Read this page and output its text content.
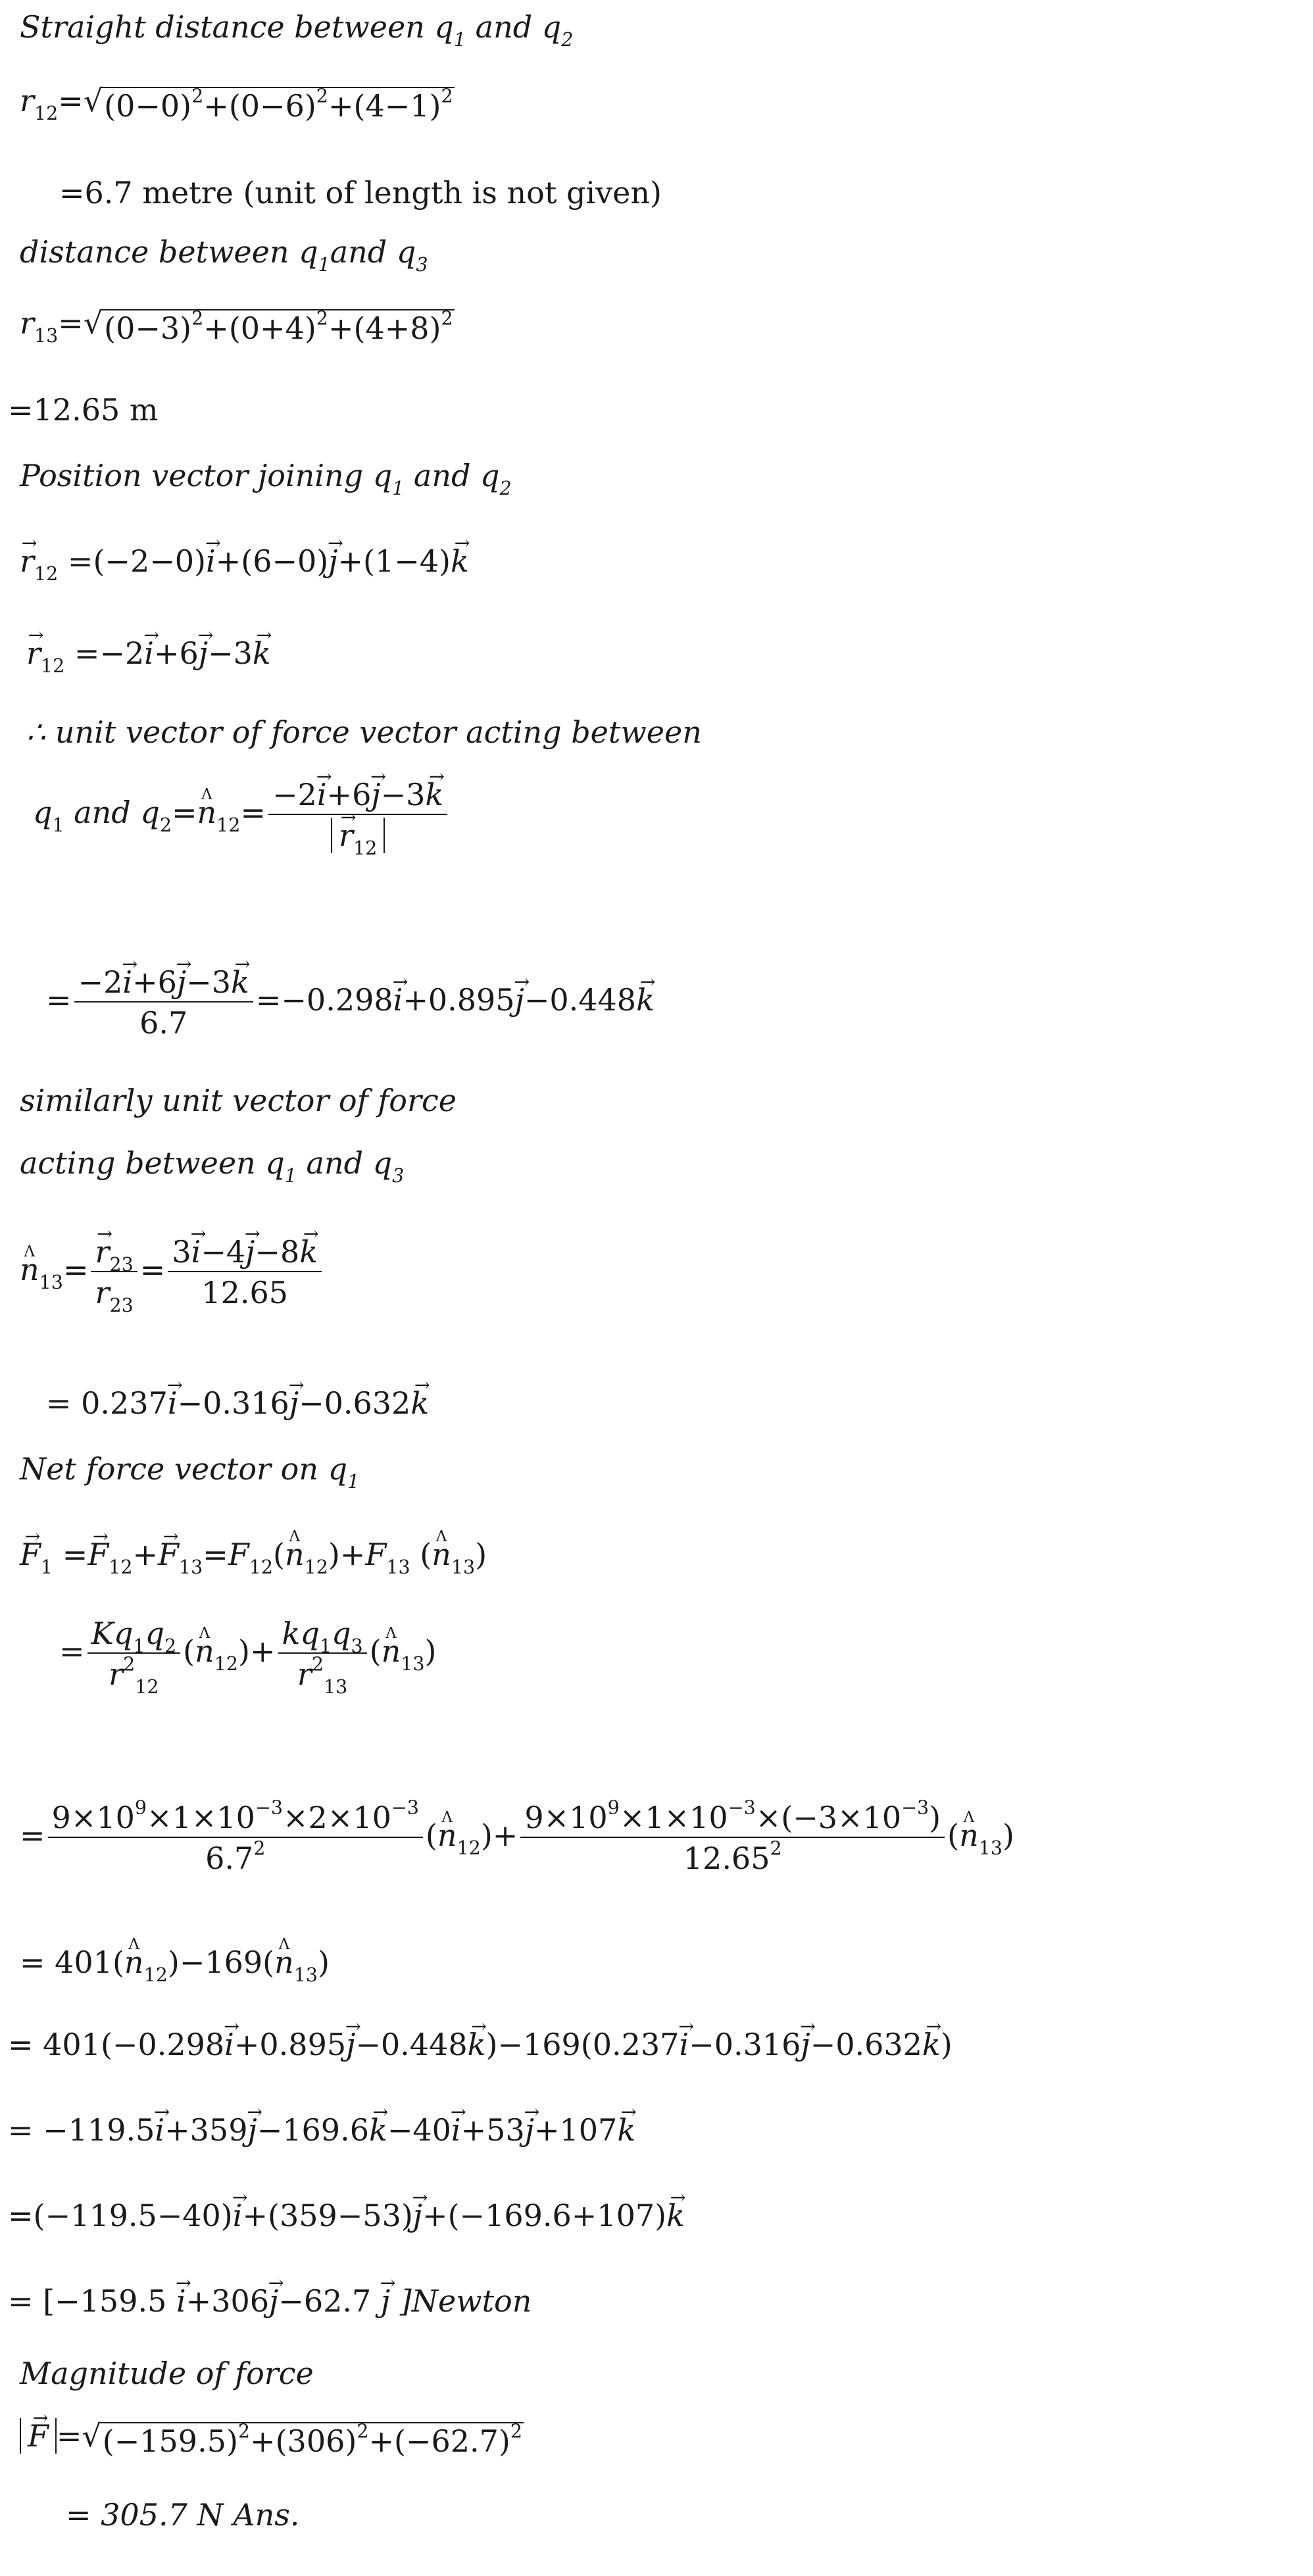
Straight distance between $q_1$ and $q_2$
$r_{12}=$ √ $(0-0)^2+(0-6)^2+(4-1)^2$
=6.7 metre (unit of length is not given)
distance between $q_1and$ $q_3$
$r_{13}=$ √ $(0-3)^2+(0+4)^2+(4+8)^2$
=12.65 m
Position vector joining $q_1$ and $q_2$
→ $r_{12} =(-2-0)\to i+(6-0)\to j+(1-4)\to k$
→ $r_{12} =-2\to i+6\to j-3\to k$
∴ unit vector of force vector acting between
$q_1$ and $q_2=\Lambda$ $n_{12}= -2\to i+6\to j-3\to k$
→ $r_{12}$
= $\frac{-2\to i+6\to j-3\to k}{6.7} =-0.298\to i+0.895\to j-0.448\to k$
similarly unit vector of force
acting between $q_1$ and $q_3$
Λ $n_{13}= \to \frac{r_{23}}{r_{23}} = \frac{3\to i-4\to j-8\to k}{12.65}$
= 0.237→ i−0.316→ j−0.632→ k
Net force vector on $q_1$
→ $F_1 =\to F_{12}+\to F_{13}=F_{12}(\Lambda$ $n_{12})+F_{13}$ (Λ $n_{13}$)
= $\frac{Kq_1q_2}{r^2_{12}} (\Lambda$ $n_{12})+ \frac{kq_1q_3}{r^2_{13}} (\Lambda$ $n_{13}$)
= $\frac{9\times 10^9\times 1\times 10^{-3}\times 2\times 10^{-3}}{6.7^2} (\Lambda$ $n_{12})+ \frac{9\times 10^9\times 1\times 10^{-3}\times(-3\times 10^{-3})}{12.65^2} (\Lambda$ $n_{13}$)
= 401(Λ $n_{12})-169(\Lambda$ $n_{13}$)
= 401(−0.298→ i+0.895→ j−0.448→ k)−169(0.237→ i−0.316→ j−0.632→ k)
= −119.5→ i+359→ j−169.6→ k−40→ i+53→ j+107→ k
=(−119.5−40)→ i+(359−53)→ j+(−169.6+107)→ k
= [−159.5 → i+306→ j−62.7 → j ]Newton
Magnitude of force
→ F = √ $(-159.5)^2+(306)^2+(-62.7)^2$
= 305.7 N Ans.
